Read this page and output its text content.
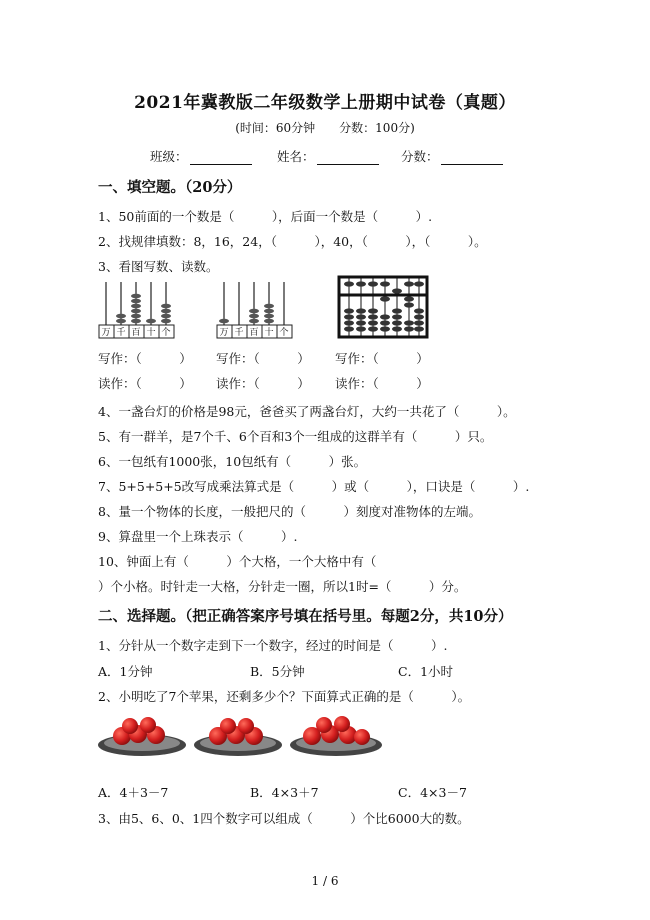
2021年冀教版二年级数学上册期中试卷（真题）
(时间：60分钟　　分数：100分)
班级：	姓名：	分数：
一、填空题。（20分）
1、50前面的一个数是（　　　），后面一个数是（　　　）.
2、找规律填数：8，16，24，（　　　），40，（　　　），（　　　）。
3、看图写数、读数。
万 千 百 十 个	万 千 百 十 个
写作：（　　　） 写作：（　　　） 写作：（　　　）
读作：（　　　） 读作：（　　　） 读作：（　　　）
4、一盏台灯的价格是98元，爸爸买了两盏台灯，大约一共花了（　　　）。
5、有一群羊，是7个千、6个百和3个一组成的这群羊有（　　　）只。
6、一包纸有1000张，10包纸有（　　　）张。
7、5+5+5+5改写成乘法算式是（　　　）或（　　　），口诀是（　　　）.
8、量一个物体的长度，一般把尺的（　　　）刻度对准物体的左端。
9、算盘里一个上珠表示（　　　）.
10、钟面上有（　　　）个大格，一个大格中有（
）个小格。时针走一大格，分针走一圈，所以1时=（　　　）分。
二、选择题。（把正确答案序号填在括号里。每题2分，共10分）
1、分针从一个数字走到下一个数字，经过的时间是（　　　）.
A．1分钟	B．5分钟	C．1小时
2、小明吃了7个苹果，还剩多少个？下面算式正确的是（　　　）。
A．4＋3－7	B．4×3＋7	C．4×3－7
3、由5、6、0、1四个数字可以组成（　　　）个比6000大的数。
1 / 6
